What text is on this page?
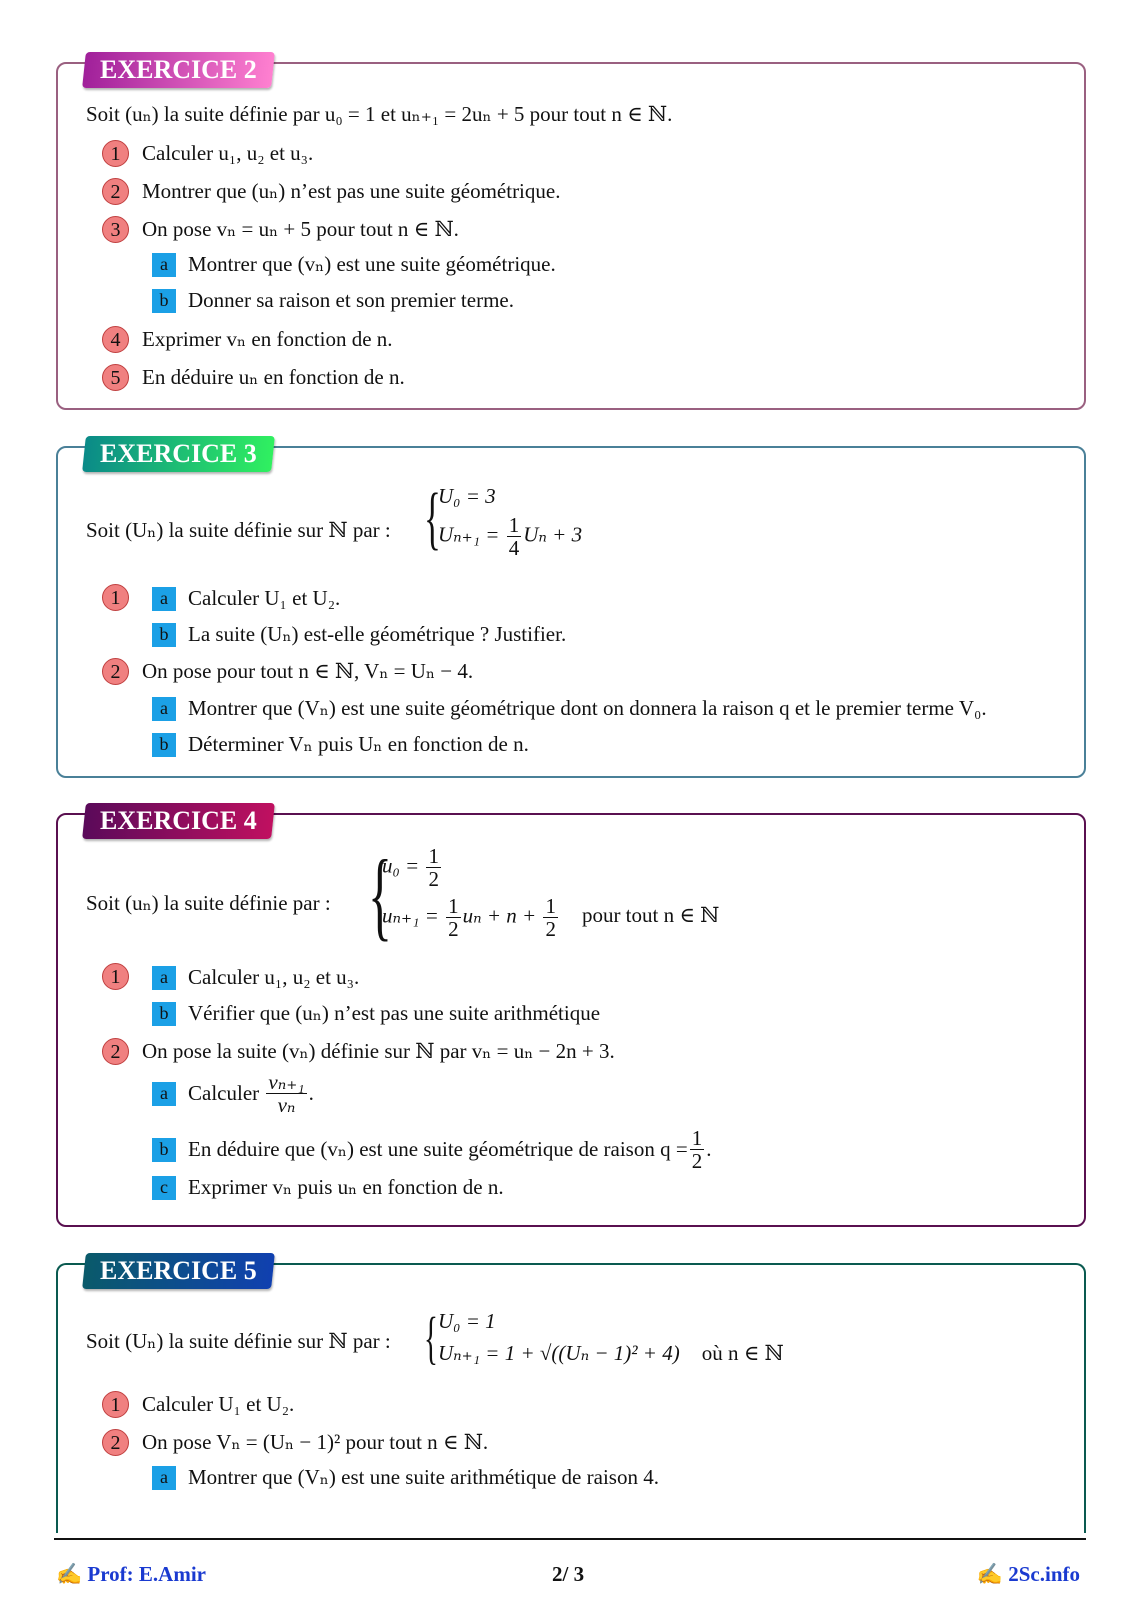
EXERCICE 2
Soit (uₙ) la suite définie par u₀ = 1 et uₙ₊₁ = 2uₙ + 5 pour tout n ∈ ℕ.
1	Calculer u₁, u₂ et u₃.
2	Montrer que (uₙ) n’est pas une suite géométrique.
3	On pose vₙ = uₙ + 5 pour tout n ∈ ℕ.
a Montrer que (vₙ) est une suite géométrique.
b Donner sa raison et son premier terme.
4	Exprimer vₙ en fonction de n.
5	En déduire uₙ en fonction de n.
EXERCICE 3
Soit (Uₙ) la suite définie sur ℕ par : {
U₀ = 3
$U_{n+1} = \frac{1}{4}$ Uₙ + 3
1	a Calculer U₁ et U₂.
b La suite (Uₙ) est-elle géométrique ? Justifier.
2	On pose pour tout n ∈ ℕ, Vₙ = Uₙ − 4.
a Montrer que (Vₙ) est une suite géométrique dont on donnera la raison q et le premier terme V₀.
b Déterminer Vₙ puis Uₙ en fonction de n.
EXERCICE 4
Soit (uₙ) la suite définie par : {
$u_0 = \frac{1}{2}$
$u_{n+1} = \frac{1}{2}$ $u_n + n + \frac{1}{2}$ pour tout n ∈ ℕ
1	a Calculer u₁, u₂ et u₃.
b Vérifier que (uₙ) n’est pas une suite arithmétique
2	On pose la suite (vₙ) définie sur ℕ par vₙ = uₙ − 2n + 3.
a Calculer
$\frac{\text{vₙ₊₁}}{\text{vₙ}}$ .
b En déduire que (vₙ) est une suite géométrique de raison $q = \frac{1}{2}$ .
c Exprimer vₙ puis uₙ en fonction de n.
EXERCICE 5
Soit (Uₙ) la suite définie sur ℕ par : { U₀ = 1
Uₙ₊₁ = 1 + √((Uₙ − 1)² + 4) où n ∈ ℕ
1	Calculer U₁ et U₂.
2	On pose Vₙ = (Uₙ − 1)² pour tout n ∈ ℕ.
a Montrer que (Vₙ) est une suite arithmétique de raison 4.
✍ Prof: E.Amir	2/ 3	✍ 2Sc.info
